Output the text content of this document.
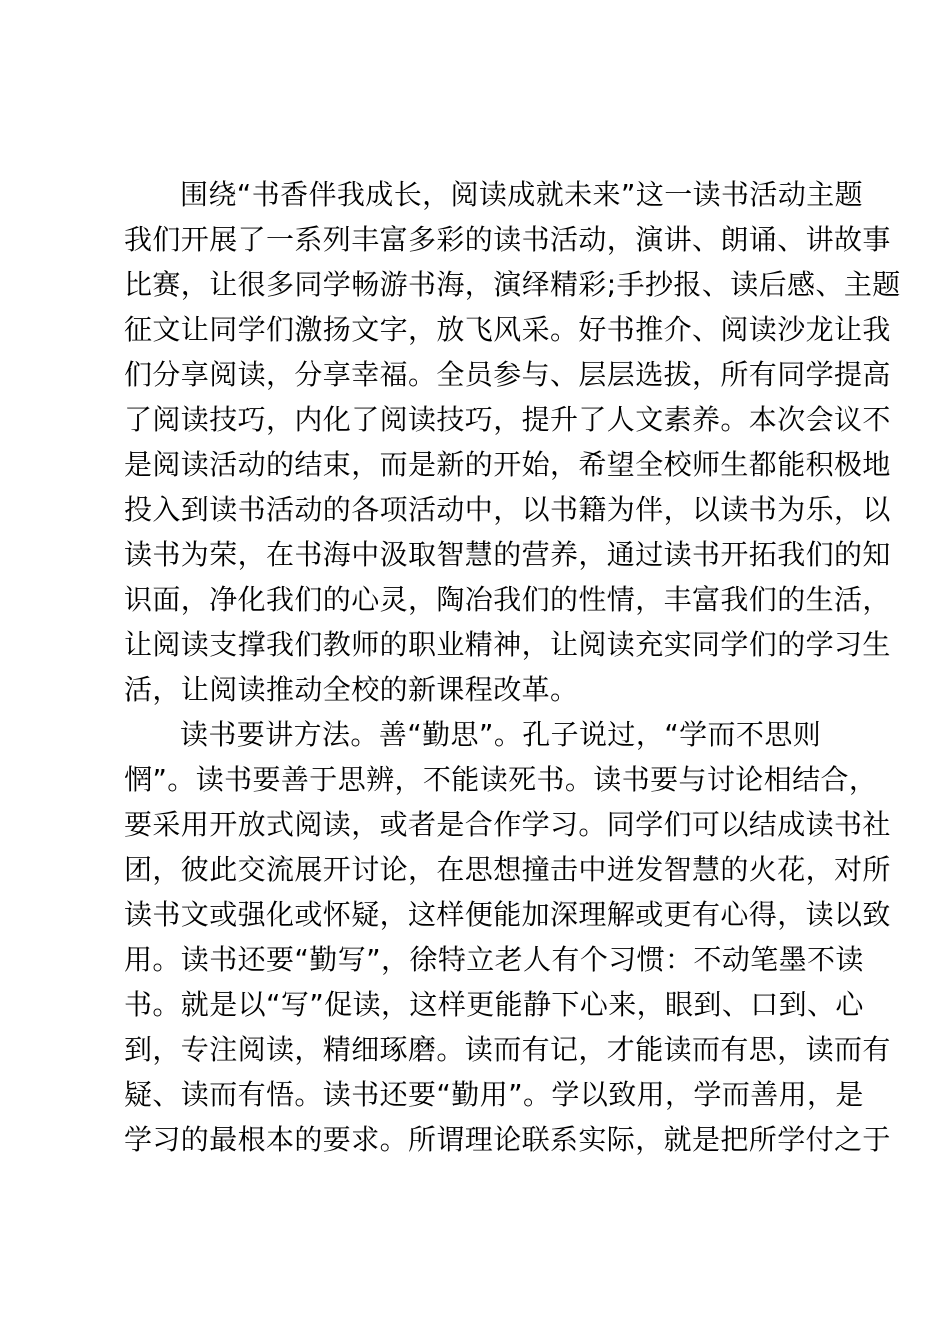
围绕“书香伴我成长，阅读成就未来”这一读书活动主题
我们开展了一系列丰富多彩的读书活动，演讲、朗诵、讲故事
比赛，让很多同学畅游书海，演绎精彩;手抄报、读后感、主题
征文让同学们激扬文字，放飞风采。好书推介、阅读沙龙让我
们分享阅读，分享幸福。全员参与、层层选拔，所有同学提高
了阅读技巧，内化了阅读技巧，提升了人文素养。本次会议不
是阅读活动的结束，而是新的开始，希望全校师生都能积极地
投入到读书活动的各项活动中，以书籍为伴，以读书为乐，以
读书为荣，在书海中汲取智慧的营养，通过读书开拓我们的知
识面，净化我们的心灵，陶冶我们的性情，丰富我们的生活，
让阅读支撑我们教师的职业精神，让阅读充实同学们的学习生
活，让阅读推动全校的新课程改革。
读书要讲方法。善“勤思”。孔子说过，“学而不思则
惘”。读书要善于思辨，不能读死书。读书要与讨论相结合，
要采用开放式阅读，或者是合作学习。同学们可以结成读书社
团，彼此交流展开讨论，在思想撞击中迸发智慧的火花，对所
读书文或强化或怀疑，这样便能加深理解或更有心得，读以致
用。读书还要“勤写”，徐特立老人有个习惯：不动笔墨不读
书。就是以“写”促读，这样更能静下心来，眼到、口到、心
到，专注阅读，精细琢磨。读而有记，才能读而有思，读而有
疑、读而有悟。读书还要“勤用”。学以致用，学而善用，是
学习的最根本的要求。所谓理论联系实际，就是把所学付之于
